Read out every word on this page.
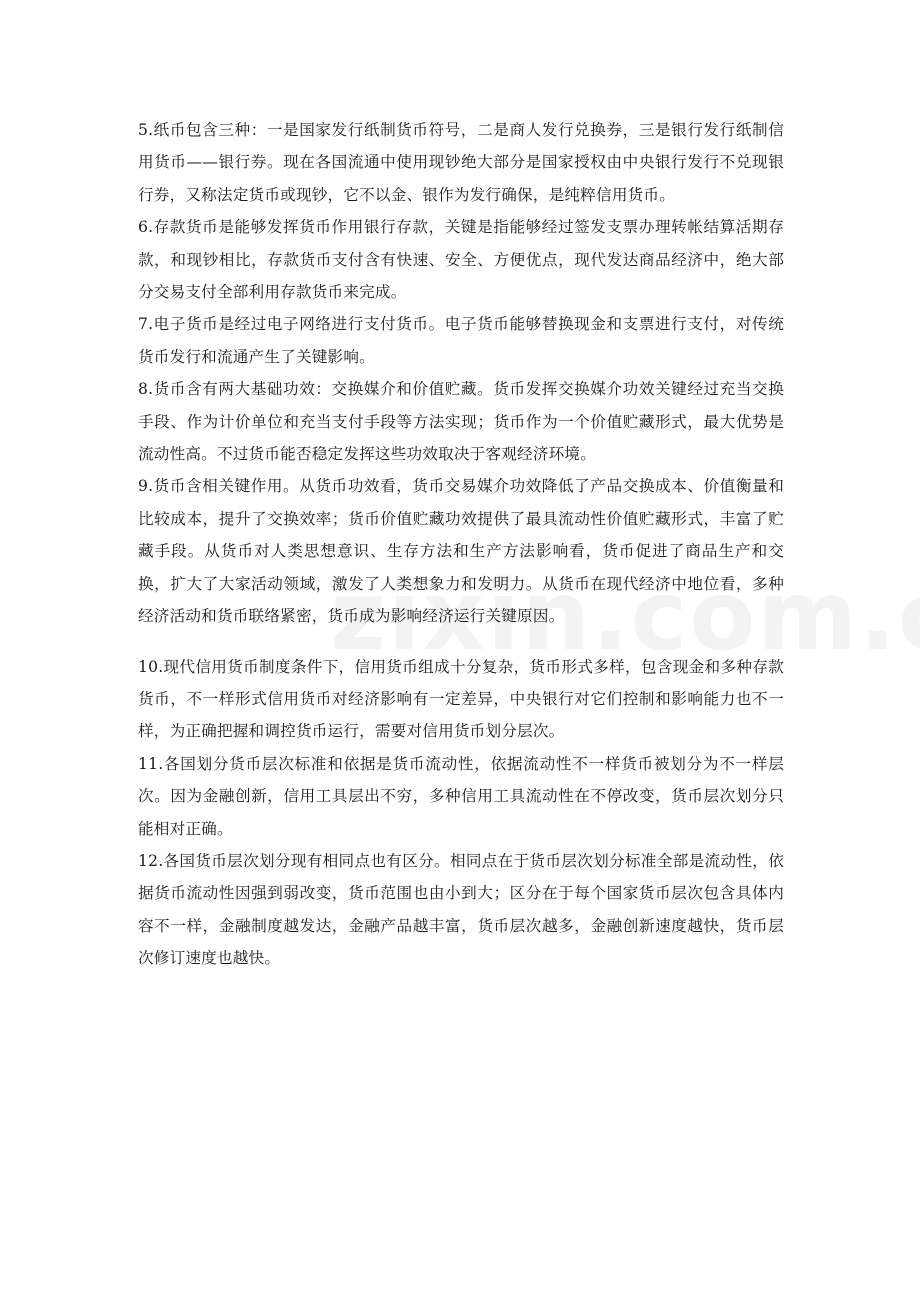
5.纸币包含三种：一是国家发行纸制货币符号，二是商人发行兑换券，三是银行发行纸制信用货币——银行券。现在各国流通中使用现钞绝大部分是国家授权由中央银行发行不兑现银行券，又称法定货币或现钞，它不以金、银作为发行确保，是纯粹信用货币。

6.存款货币是能够发挥货币作用银行存款，关键是指能够经过签发支票办理转帐结算活期存款，和现钞相比，存款货币支付含有快速、安全、方便优点，现代发达商品经济中，绝大部分交易支付全部利用存款货币来完成。

7.电子货币是经过电子网络进行支付货币。电子货币能够替换现金和支票进行支付，对传统货币发行和流通产生了关键影响。

8.货币含有两大基础功效：交换媒介和价值贮藏。货币发挥交换媒介功效关键经过充当交换手段、作为计价单位和充当支付手段等方法实现；货币作为一个价值贮藏形式，最大优势是流动性高。不过货币能否稳定发挥这些功效取决于客观经济环境。

9.货币含相关键作用。从货币功效看，货币交易媒介功效降低了产品交换成本、价值衡量和比较成本，提升了交换效率；货币价值贮藏功效提供了最具流动性价值贮藏形式，丰富了贮藏手段。从货币对人类思想意识、生存方法和生产方法影响看，货币促进了商品生产和交换，扩大了大家活动领域，激发了人类想象力和发明力。从货币在现代经济中地位看，多种经济活动和货币联络紧密，货币成为影响经济运行关键原因。

10.现代信用货币制度条件下，信用货币组成十分复杂，货币形式多样，包含现金和多种存款货币，不一样形式信用货币对经济影响有一定差异，中央银行对它们控制和影响能力也不一样，为正确把握和调控货币运行，需要对信用货币划分层次。

11.各国划分货币层次标准和依据是货币流动性，依据流动性不一样货币被划分为不一样层次。因为金融创新，信用工具层出不穷，多种信用工具流动性在不停改变，货币层次划分只能相对正确。

12.各国货币层次划分现有相同点也有区分。相同点在于货币层次划分标准全部是流动性，依据货币流动性因强到弱改变，货币范围也由小到大；区分在于每个国家货币层次包含具体内容不一样，金融制度越发达，金融产品越丰富，货币层次越多，金融创新速度越快，货币层次修订速度也越快。
